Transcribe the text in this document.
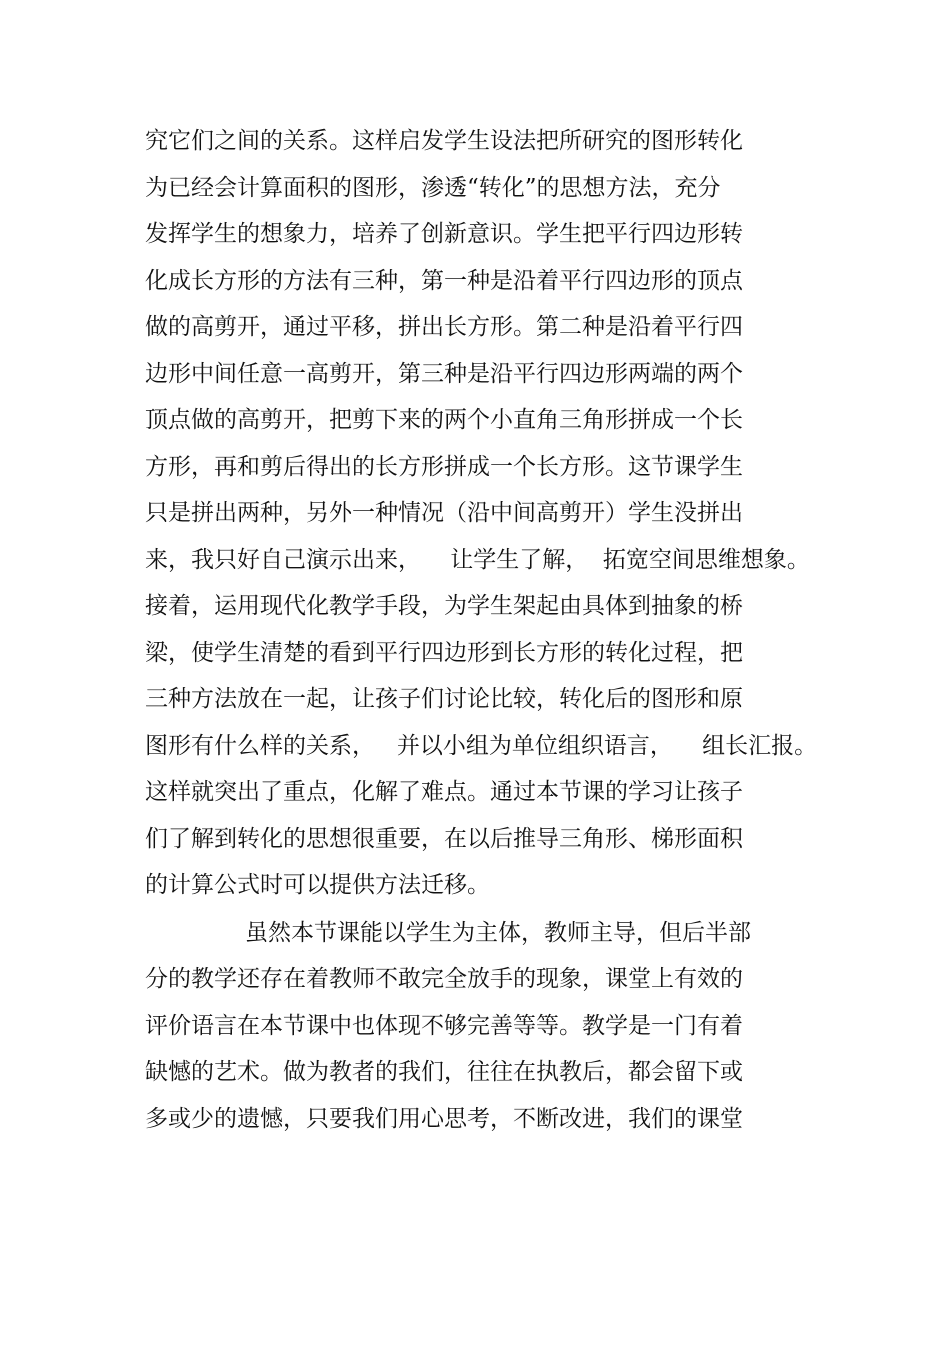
究它们之间的关系。这样启发学生设法把所研究的图形转化
为已经会计算面积的图形，渗透“转化”的思想方法，充分
发挥学生的想象力，培养了创新意识。学生把平行四边形转
化成长方形的方法有三种，第一种是沿着平行四边形的顶点
做的高剪开，通过平移，拼出长方形。第二种是沿着平行四
边形中间任意一高剪开，第三种是沿平行四边形两端的两个
顶点做的高剪开，把剪下来的两个小直角三角形拼成一个长
方形，再和剪后得出的长方形拼成一个长方形。这节课学生
只是拼出两种，另外一种情况（沿中间高剪开）学生没拼出
来，我只好自己演示出来，    让学生了解，  拓宽空间思维想象。
接着，运用现代化教学手段，为学生架起由具体到抽象的桥
梁，使学生清楚的看到平行四边形到长方形的转化过程，把
三种方法放在一起，让孩子们讨论比较，转化后的图形和原
图形有什么样的关系，   并以小组为单位组织语言，    组长汇报。
这样就突出了重点，化解了难点。通过本节课的学习让孩子
们了解到转化的思想很重要，在以后推导三角形、梯形面积
的计算公式时可以提供方法迁移。
虽然本节课能以学生为主体，教师主导，但后半部
分的教学还存在着教师不敢完全放手的现象，课堂上有效的
评价语言在本节课中也体现不够完善等等。教学是一门有着
缺憾的艺术。做为教者的我们，往往在执教后，都会留下或
多或少的遗憾，只要我们用心思考，不断改进，我们的课堂
